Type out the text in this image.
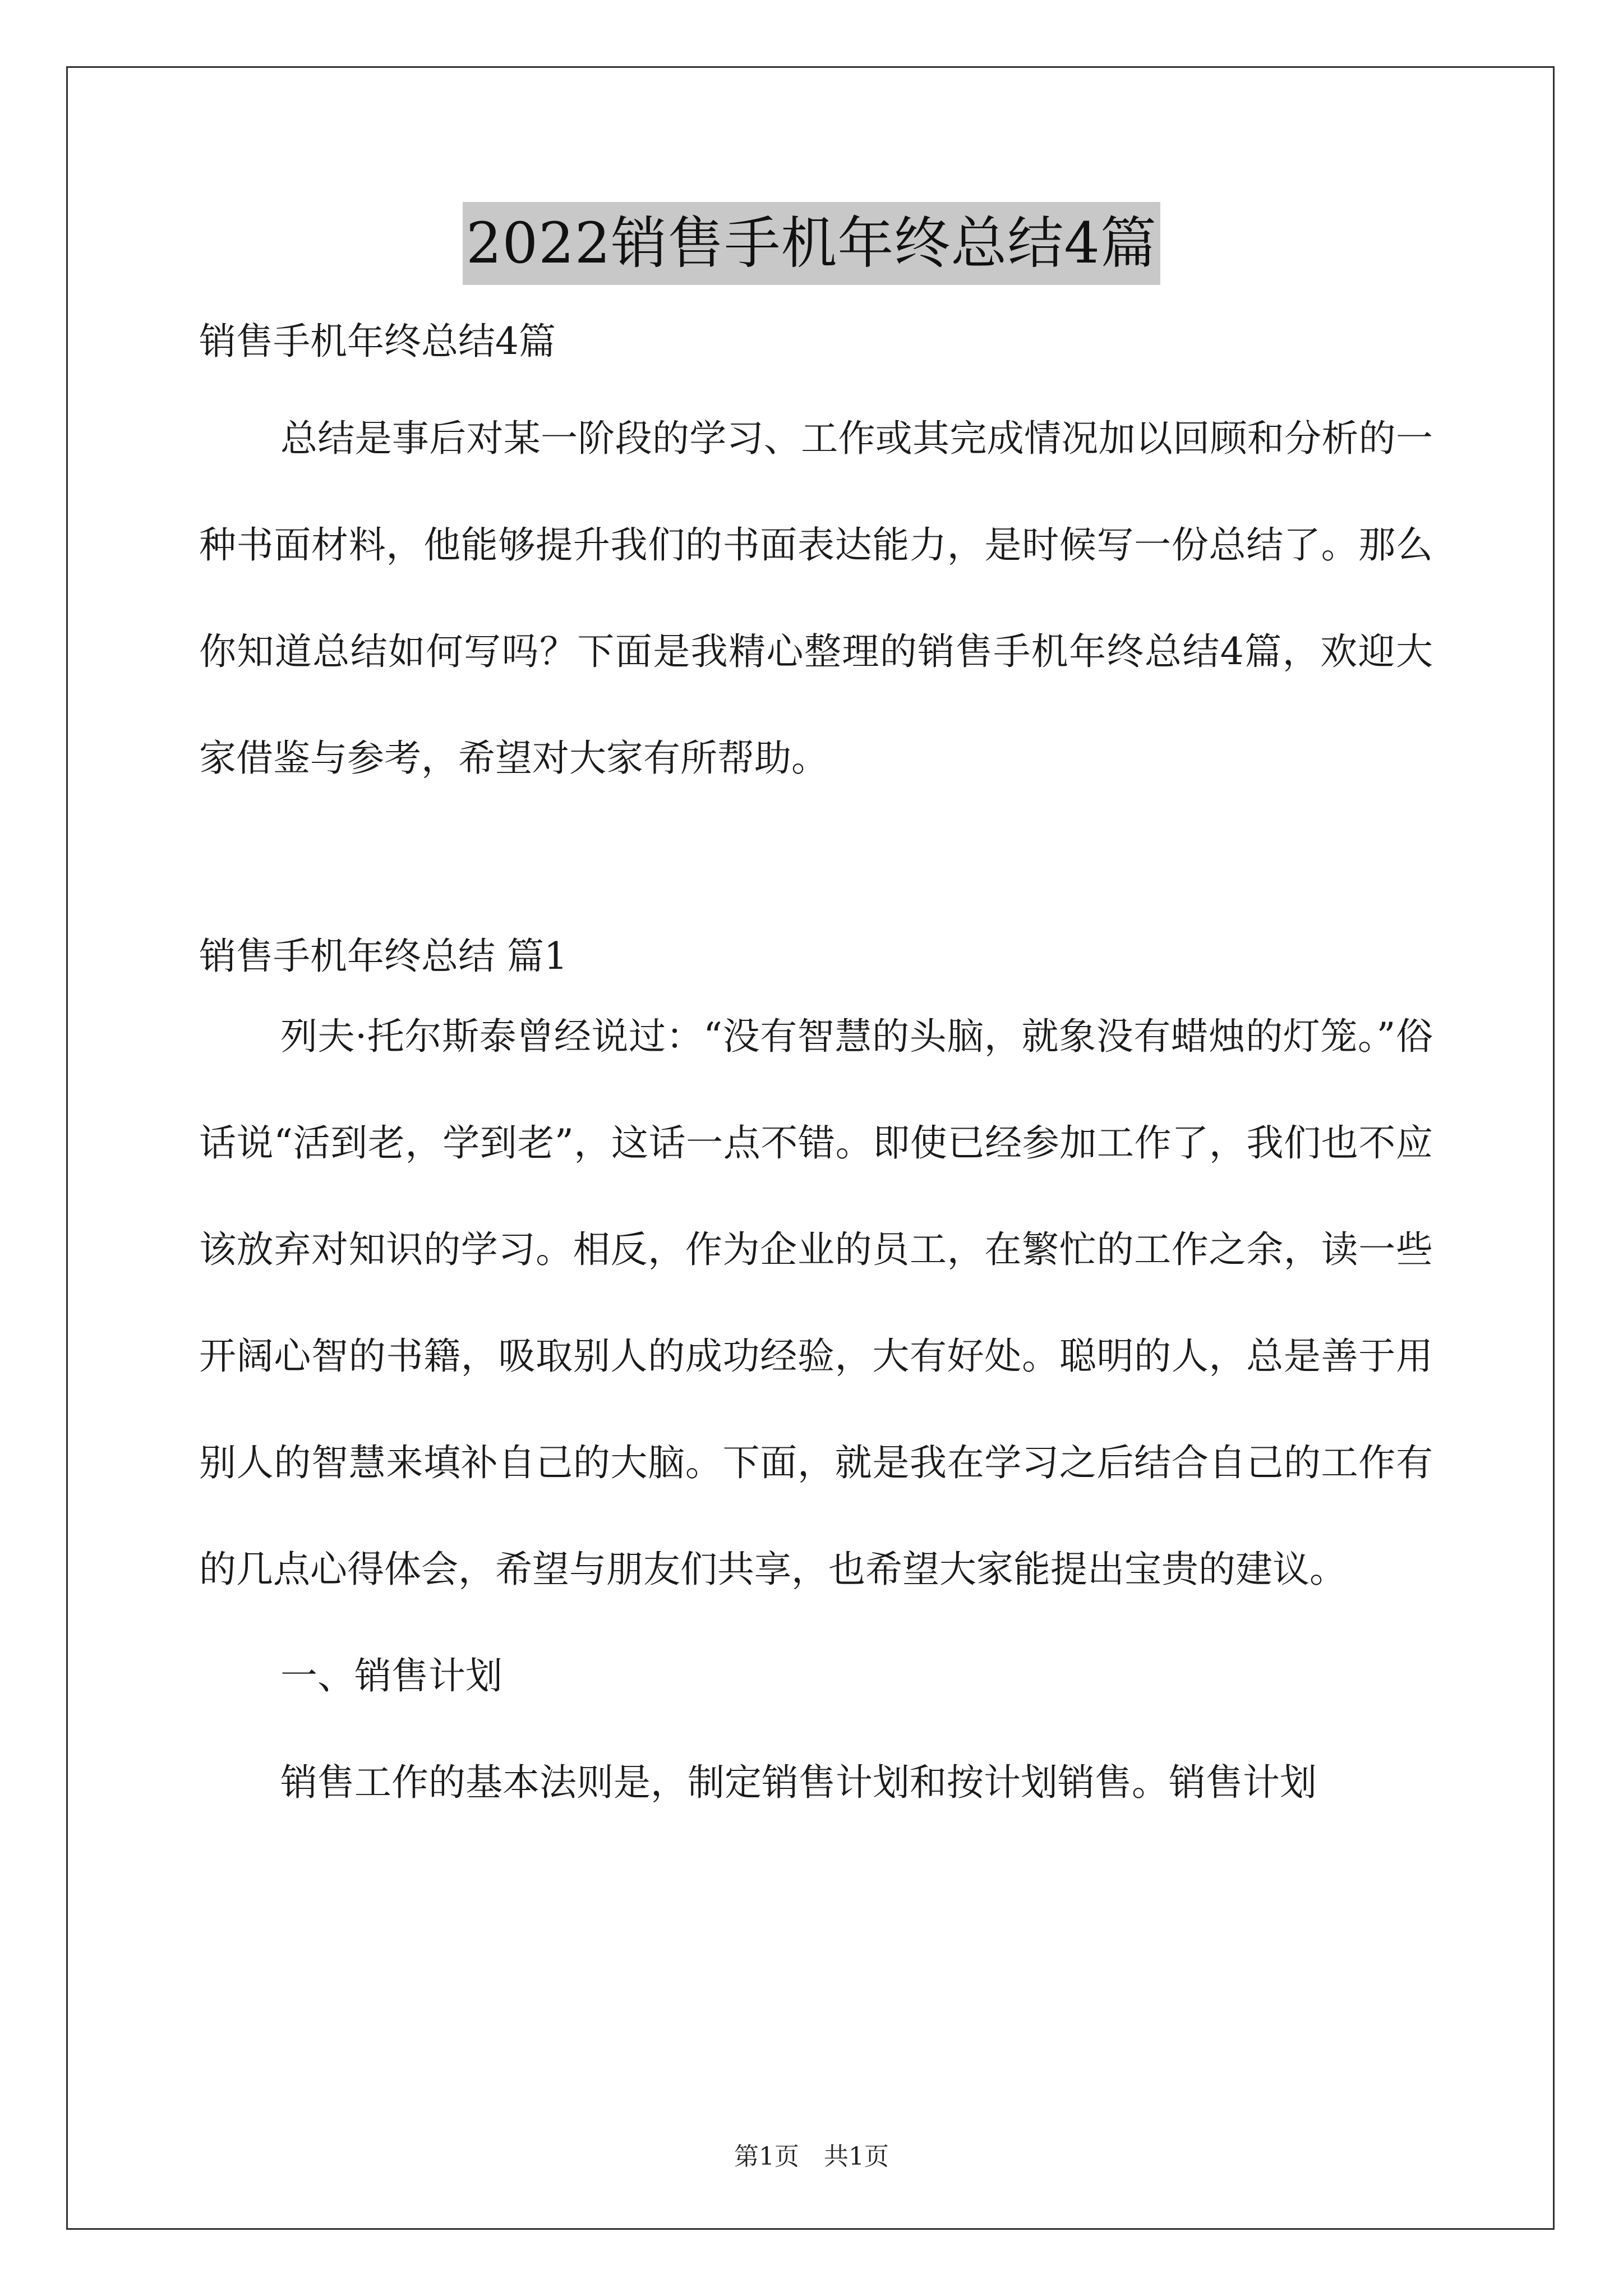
2022销售手机年终总结4篇

销售手机年终总结4篇

总结是事后对某一阶段的学习、工作或其完成情况加以回顾和分析的一种书面材料，他能够提升我们的书面表达能力，是时候写一份总结了。那么你知道总结如何写吗？下面是我精心整理的销售手机年终总结4篇，欢迎大家借鉴与参考，希望对大家有所帮助。

销售手机年终总结 篇1

列夫·托尔斯泰曾经说过：“没有智慧的头脑，就象没有蜡烛的灯笼。”俗话说“活到老，学到老”，这话一点不错。即使已经参加工作了，我们也不应该放弃对知识的学习。相反，作为企业的员工，在繁忙的工作之余，读一些开阔心智的书籍，吸取别人的成功经验，大有好处。聪明的人，总是善于用别人的智慧来填补自己的大脑。下面，就是我在学习之后结合自己的工作有的几点心得体会，希望与朋友们共享，也希望大家能提出宝贵的建议。

一、销售计划

销售工作的基本法则是，制定销售计划和按计划销售。销售计划

第1页　共1页
